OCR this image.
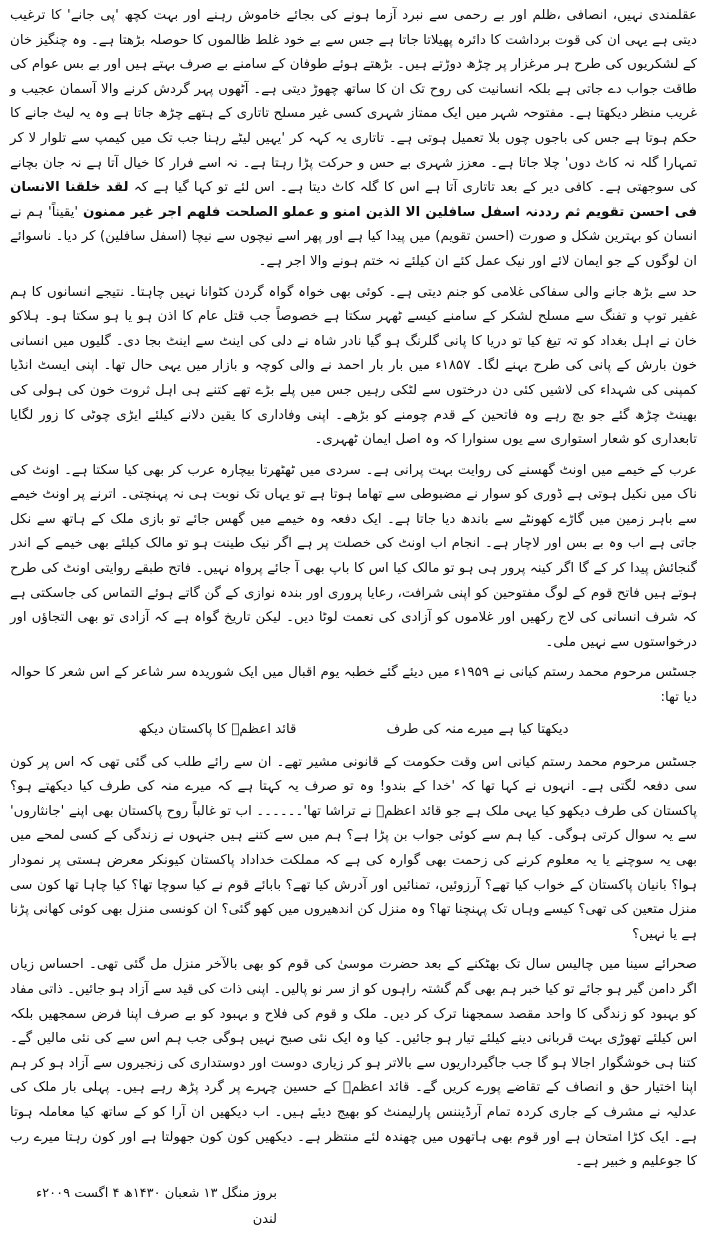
عقلمندی نہیں، انصافی ،ظلم اور بے رحمی سے نبرد آزما ہونے کی بجائے خاموش رہنے اور بہت کچھ 'پی جانے' کا ترغیب دیتی ہے یہی ان کی قوت برداشت کا دائرہ پھیلاتا جاتا ہے جس سے بے خود غلط ظالموں کا حوصلہ بڑھتا ہے۔ وہ چنگیز خان کے لشکریوں کی طرح ہر مرغزار پر چڑھ دوڑتے ہیں۔ بڑھتے ہوئے طوفان کے سامنے بے صرف بہتے ہیں اور بے بس عوام کی طاقت جواب دے جاتی ہے بلکہ انسانیت کی روح تک ان کا ساتھ چھوڑ دیتی ہے۔ آٹھوں پہر گردش کرنے والا آسمان عجیب و غریب منظر دیکھتا ہے۔ مفتوحہ شہر میں ایک ممتاز شہری کسی غیر مسلح تاتاری کے ہتھے چڑھ جاتا ہے وہ یہ لیٹ جانے کا حکم ہوتا ہے جس کی باجوں چوں بلا تعمیل ہوتی ہے۔ تاتاری یہ کہہ کر 'یہیں لیٹے رہنا جب تک میں کیمپ سے تلوار لا کر تمہارا گلہ نہ کاٹ دوں' چلا جاتا ہے۔ معزز شہری بے حس و حرکت پڑا رہتا ہے۔ نہ اسے فرار کا خیال آتا ہے نہ جان بچانے کی سوجھتی ہے۔ کافی دیر کے بعد تاتاری آتا ہے اس کا گلہ کاٹ دیتا ہے۔ اس لئے تو کہا گیا ہے کہ لقد خلقنا الانسان فی احسن تقویم ثم رددنہ اسفل سافلین الا الذین امنو و عملو الصلحت فلھم اجر غیر ممنون 'یقیناً' ہم نے انسان کو بہترین شکل و صورت (احسن تقویم) میں پیدا کیا ہے اور پھر اسے نیچوں سے نیچا (اسفل سافلین) کر دیا۔ ناسوائے ان لوگوں کے جو ایمان لائے اور نیک عمل کئے ان کیلئے نہ ختم ہونے والا اجر ہے۔

حد سے بڑھ جانے والی سفاکی غلامی کو جنم دیتی ہے۔ کوئی بھی خواہ گواہ گردن کٹوانا نہیں چاہتا۔ نتیجے انسانوں کا ہم غفیر توپ و تفنگ سے مسلح لشکر کے سامنے کیسے ٹھہر سکتا ہے خصوصاً جب قتل عام کا اذن ہو یا ہو سکتا ہو۔ ہلاکو خان نے اہل بغداد کو تہ تیغ کیا تو دریا کا پانی گلرنگ ہو گیا نادر شاہ نے دلی کی اینٹ سے اینٹ بجا دی۔ گلیوں میں انسانی خون بارش کے پانی کی طرح بہنے لگا۔ ۱۸۵۷ء میں بار بار احمد نے والی کوچہ و بازار میں یہی حال تھا۔ اپنی ایسٹ انڈیا کمپنی کی شہداء کی لاشیں کئی دن درختوں سے لٹکی رہیں جس میں پلے بڑے تھے کتنے ہی اہل ثروت خون کی ہولی کی بھینٹ چڑھ گئے جو بچ رہے وہ فاتحین کے قدم چومنے کو بڑھے۔ اپنی وفاداری کا یقین دلانے کیلئے ایڑی چوٹی کا زور لگایا تابعداری کو شعار استواری سے یوں سنوارا کہ وہ اصل ایمان ٹھہری۔

عرب کے خیمے میں اونٹ گھسنے کی روایت بہت پرانی ہے۔ سردی میں ٹھٹھرتا بیچارہ عرب کر بھی کیا سکتا ہے۔ اونٹ کی ناک میں نکیل ہوتی ہے ڈوری کو سوار نے مضبوطی سے تھاما ہوتا ہے تو یہاں تک نوبت ہی نہ پہنچتی۔ اترنے پر اونٹ خیمے سے باہر زمین میں گاڑے کھونٹے سے باندھ دیا جاتا ہے۔ ایک دفعہ وہ خیمے میں گھس جائے تو بازی ملک کے ہاتھ سے نکل جاتی ہے اب وہ بے بس اور لاچار ہے۔ انجام اب اونٹ کی خصلت پر ہے اگر نیک طینت ہو تو مالک کیلئے بھی خیمے کے اندر گنجائش پیدا کر کے گا اگر کینہ پرور ہی ہو تو مالک کیا اس کا باپ بھی آ جائے پرواہ نہیں۔ فاتح طبقے روایتی اونٹ کی طرح ہوتے ہیں فاتح قوم کے لوگ مفتوحین کو اپنی شرافت، رعایا پروری اور بندہ نوازی کے گن گاتے ہوئے التماس کی جاسکتی ہے کہ شرف انسانی کی لاج رکھیں اور غلاموں کو آزادی کی نعمت لوٹا دیں۔ لیکن تاریخ گواہ ہے کہ آزادی تو بھی التجاؤں اور درخواستوں سے نہیں ملی۔

جسٹس مرحوم محمد رستم کیانی نے ۱۹۵۹ء میں دیئے گئے خطبہ یوم اقبال میں ایک شوریدہ سر شاعر کے اس شعر کا حوالہ دیا تھا:

دیکھتا کیا ہے میرے منہ کی طرف
قائد اعظمؒ کا پاکستان دیکھ

جسٹس مرحوم محمد رستم کیانی اس وقت حکومت کے قانونی مشیر تھے۔ ان سے رائے طلب کی گئی تھی کہ اس پر کون سی دفعہ لگتی ہے۔ انہوں نے کہا تھا کہ 'خدا کے بندو! وہ تو صرف یہ کہتا ہے کہ میرے منہ کی طرف کیا دیکھتے ہو؟ پاکستان کی طرف دیکھو کیا یہی ملک ہے جو قائد اعظمؒ نے تراشا تھا'۔۔۔۔۔۔ اب تو غالباً روح پاکستان بھی اپنے 'جانثاروں' سے یہ سوال کرتی ہوگی۔ کیا ہم سے کوئی جواب بن پڑا ہے؟ ہم میں سے کتنے ہیں جنہوں نے زندگی کے کسی لمحے میں بھی یہ سوچنے یا یہ معلوم کرنے کی زحمت بھی گوارہ کی ہے کہ مملکت خداداد پاکستان کیونکر معرض ہستی پر نمودار ہوا؟ بانیان پاکستان کے خواب کیا تھے؟ آرزوئیں، تمنائیں اور آدرش کیا تھے؟ بابائے قوم نے کیا سوچا تھا؟ کیا چاہا تھا کون سی منزل متعین کی تھی؟ کیسے وہاں تک پہنچنا تھا؟ وہ منزل کن اندھیروں میں کھو گئی؟ ان کونسی منزل بھی کوئی کھانی پڑنا ہے یا نہیں؟

صحرائے سینا میں چالیس سال تک بھٹکنے کے بعد حضرت موسیٰ کی قوم کو بھی بالآخر منزل مل گئی تھی۔ احساس زیاں اگر دامن گیر ہو جائے تو کیا خبر ہم بھی گم گشتہ راہوں کو از سر نو پالیں۔ اپنی ذات کی قید سے آزاد ہو جائیں۔ ذاتی مفاد کو بہبود کو زندگی کا واحد مقصد سمجھنا ترک کر دیں۔ ملک و قوم کی فلاح و بہبود کو بے صرف اپنا فرض سمجھیں بلکہ اس کیلئے تھوڑی بہت قربانی دینے کیلئے تیار ہو جائیں۔ کیا وہ ایک نئی صبح نہیں ہوگی جب ہم اس سے کی نئی مالیں گے۔ کتنا ہی خوشگوار اجالا ہو گا جب جاگیرداریوں سے بالاتر ہو کر زیاری دوست اور دوستداری کی زنجیروں سے آزاد ہو کر ہم اپنا اختیار حق و انصاف کے تقاضے پورے کریں گے۔ قائد اعظمؒ کے حسین چہرے پر گرد پڑھ رہے ہیں۔ پہلی بار ملک کی عدلیہ نے مشرف کے جاری کردہ تمام آرڈیننس پارلیمنٹ کو بھیج دیئے ہیں۔ اب دیکھیں ان آرا کو کے ساتھ کیا معاملہ ہوتا ہے۔ ایک کڑا امتحان ہے اور قوم بھی ہاتھوں میں چھندہ لئے منتظر ہے۔ دیکھیں کون کون جھولتا ہے اور کون رہتا میرے رب کا جوعلیم و خبیر ہے۔

بروز منگل ۱۳ شعبان ۱۴۳۰ھ ۴ اگست ۲۰۰۹ء
لندن
